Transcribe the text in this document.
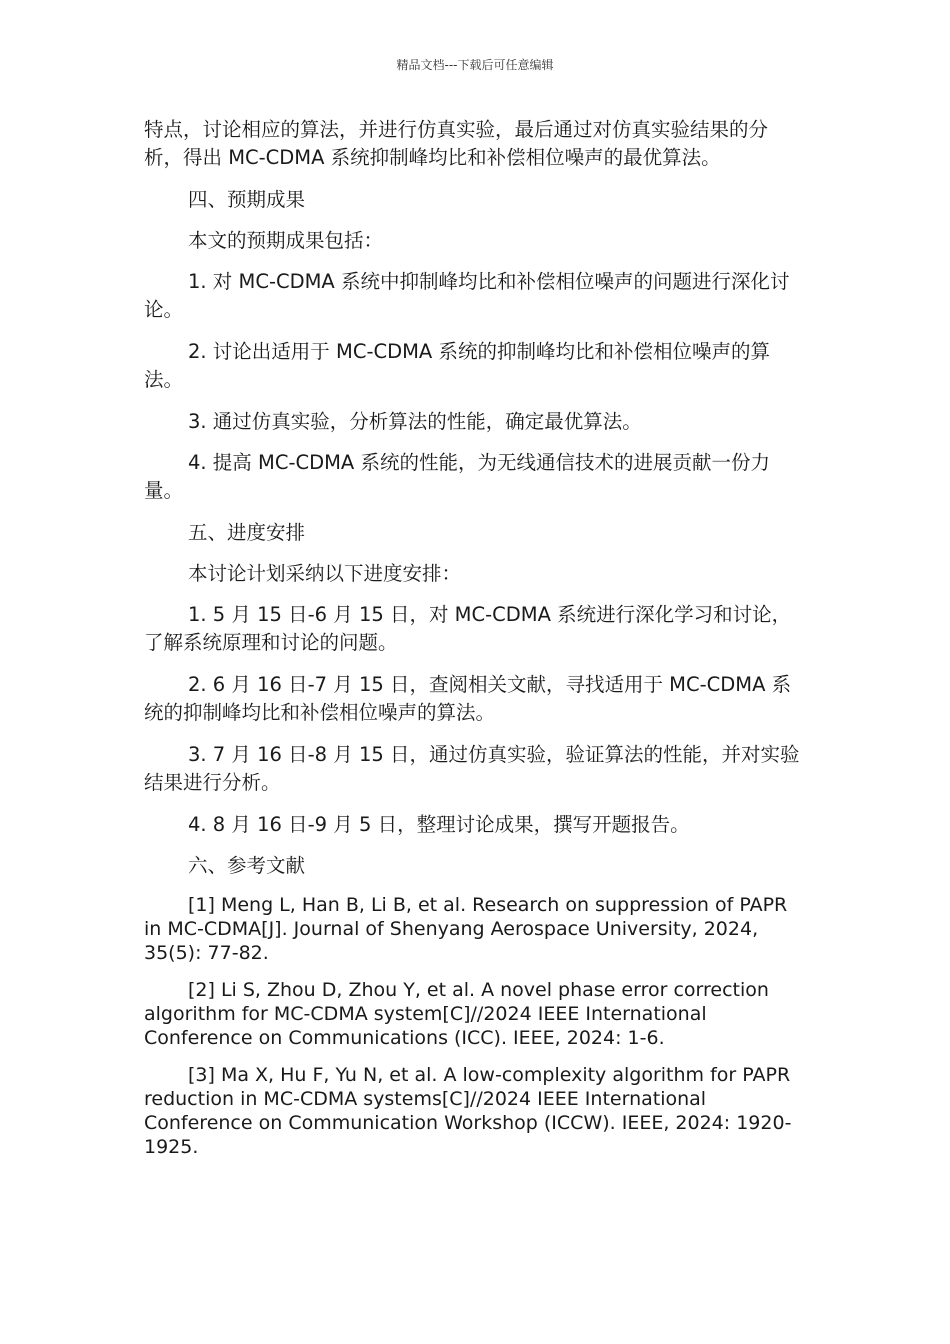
精品文档---下载后可任意编辑

特点，讨论相应的算法，并进行仿真实验，最后通过对仿真实验结果的分析，得出 MC-CDMA 系统抑制峰均比和补偿相位噪声的最优算法。

四、预期成果

本文的预期成果包括：

1. 对 MC-CDMA 系统中抑制峰均比和补偿相位噪声的问题进行深化讨论。

2. 讨论出适用于 MC-CDMA 系统的抑制峰均比和补偿相位噪声的算法。

3. 通过仿真实验，分析算法的性能，确定最优算法。

4. 提高 MC-CDMA 系统的性能，为无线通信技术的进展贡献一份力量。

五、进度安排

本讨论计划采纳以下进度安排：

1. 5 月 15 日-6 月 15 日，对 MC-CDMA 系统进行深化学习和讨论，了解系统原理和讨论的问题。

2. 6 月 16 日-7 月 15 日，查阅相关文献，寻找适用于 MC-CDMA 系统的抑制峰均比和补偿相位噪声的算法。

3. 7 月 16 日-8 月 15 日，通过仿真实验，验证算法的性能，并对实验结果进行分析。

4. 8 月 16 日-9 月 5 日，整理讨论成果，撰写开题报告。

六、参考文献

[1] Meng L, Han B, Li B, et al. Research on suppression of PAPR in MC-CDMA[J]. Journal of Shenyang Aerospace University, 2024, 35(5): 77-82.

[2] Li S, Zhou D, Zhou Y, et al. A novel phase error correction algorithm for MC-CDMA system[C]//2024 IEEE International Conference on Communications (ICC). IEEE, 2024: 1-6.

[3] Ma X, Hu F, Yu N, et al. A low-complexity algorithm for PAPR reduction in MC-CDMA systems[C]//2024 IEEE International Conference on Communication Workshop (ICCW). IEEE, 2024: 1920-1925.
